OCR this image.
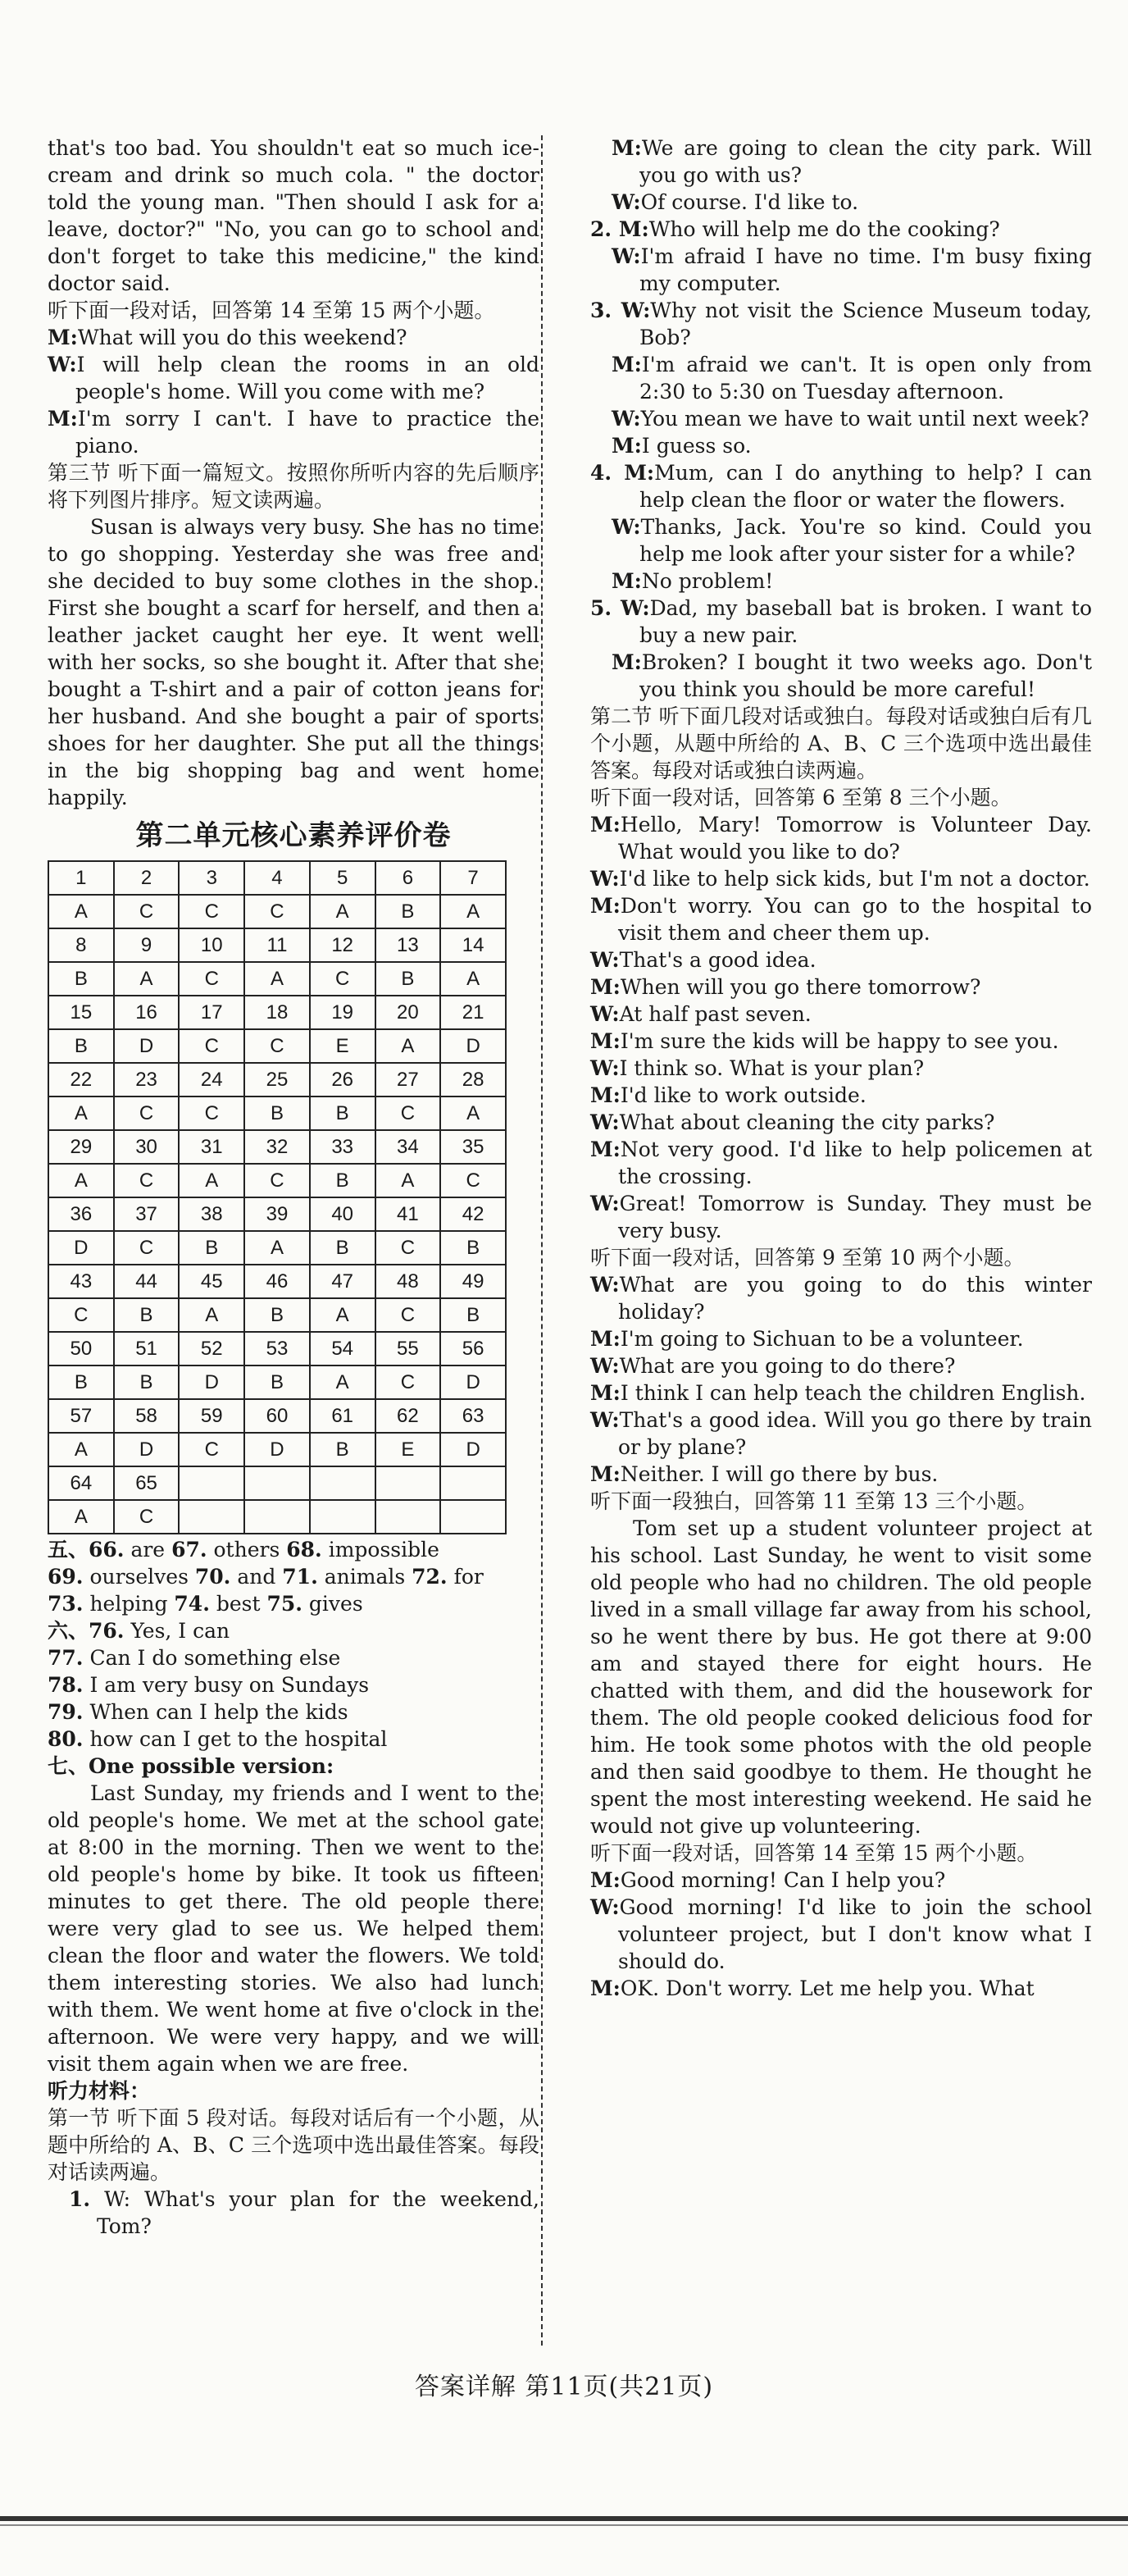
that's too bad. You shouldn't eat so much ice- cream and drink so much cola. " the doctor told the young man. "Then should I ask for a leave, doctor?" "No, you can go to school and don't forget to take this medicine," the kind doctor said.

听下面一段对话，回答第 14 至第 15 两个小题。

M:What will you do this weekend?

W:I will help clean the rooms in an old people's home. Will you come with me?

M:I'm sorry I can't. I have to practice the piano.

第三节 听下面一篇短文。按照你所听内容的先后顺序将下列图片排序。短文读两遍。

Susan is always very busy. She has no time to go shopping. Yesterday she was free and she decided to buy some clothes in the shop. First she bought a scarf for herself, and then a leather jacket caught her eye. It went well with her socks, so she bought it. After that she bought a T-shirt and a pair of cotton jeans for her husband. And she bought a pair of sports shoes for her daughter. She put all the things in the big shopping bag and went home happily.

第二单元核心素养评价卷
1	2	3	4	5	6	7
A	C	C	C	A	B	A
8	9	10	11	12	13	14
B	A	C	A	C	B	A
15	16	17	18	19	20	21
B	D	C	C	E	A	D
22	23	24	25	26	27	28
A	C	C	B	B	C	A
29	30	31	32	33	34	35
A	C	A	C	B	A	C
36	37	38	39	40	41	42
D	C	B	A	B	C	B
43	44	45	46	47	48	49
C	B	A	B	A	C	B
50	51	52	53	54	55	56
B	B	D	B	A	C	D
57	58	59	60	61	62	63
A	D	C	D	B	E	D
64	65					
A	C					

五、66. are 67. others 68. impossible

69. ourselves 70. and 71. animals 72. for

73. helping 74. best 75. gives

六、76. Yes, I can

77. Can I do something else

78. I am very busy on Sundays

79. When can I help the kids

80. how can I get to the hospital

七、One possible version:

Last Sunday, my friends and I went to the old people's home. We met at the school gate at 8:00 in the morning. Then we went to the old people's home by bike. It took us fifteen minutes to get there. The old people there were very glad to see us. We helped them clean the floor and water the flowers. We told them interesting stories. We also had lunch with them. We went home at five o'clock in the afternoon. We were very happy, and we will visit them again when we are free.

听力材料：

第一节 听下面 5 段对话。每段对话后有一个小题，从题中所给的 A、B、C 三个选项中选出最佳答案。每段对话读两遍。

1. W: What's your plan for the weekend, Tom?

M:We are going to clean the city park. Will you go with us?

W:Of course. I'd like to.

2. M:Who will help me do the cooking?

W:I'm afraid I have no time. I'm busy fixing my computer.

3. W:Why not visit the Science Museum today, Bob?

M:I'm afraid we can't. It is open only from 2:30 to 5:30 on Tuesday afternoon.

W:You mean we have to wait until next week?

M:I guess so.

4. M:Mum, can I do anything to help? I can help clean the floor or water the flowers.

W:Thanks, Jack. You're so kind. Could you help me look after your sister for a while?

M:No problem!

5. W:Dad, my baseball bat is broken. I want to buy a new pair.

M:Broken? I bought it two weeks ago. Don't you think you should be more careful!

第二节 听下面几段对话或独白。每段对话或独白后有几个小题，从题中所给的 A、B、C 三个选项中选出最佳答案。每段对话或独白读两遍。

听下面一段对话，回答第 6 至第 8 三个小题。

M:Hello, Mary! Tomorrow is Volunteer Day. What would you like to do?

W:I'd like to help sick kids, but I'm not a doctor.

M:Don't worry. You can go to the hospital to visit them and cheer them up.

W:That's a good idea.

M:When will you go there tomorrow?

W:At half past seven.

M:I'm sure the kids will be happy to see you.

W:I think so. What is your plan?

M:I'd like to work outside.

W:What about cleaning the city parks?

M:Not very good. I'd like to help policemen at the crossing.

W:Great! Tomorrow is Sunday. They must be very busy.

听下面一段对话，回答第 9 至第 10 两个小题。

W:What are you going to do this winter holiday?

M:I'm going to Sichuan to be a volunteer.

W:What are you going to do there?

M:I think I can help teach the children English.

W:That's a good idea. Will you go there by train or by plane?

M:Neither. I will go there by bus.

听下面一段独白，回答第 11 至第 13 三个小题。

Tom set up a student volunteer project at his school. Last Sunday, he went to visit some old people who had no children. The old people lived in a small village far away from his school, so he went there by bus. He got there at 9:00 am and stayed there for eight hours. He chatted with them, and did the housework for them. The old people cooked delicious food for him. He took some photos with the old people and then said goodbye to them. He thought he spent the most interesting weekend. He said he would not give up volunteering.

听下面一段对话，回答第 14 至第 15 两个小题。

M:Good morning! Can I help you?

W:Good morning! I'd like to join the school volunteer project, but I don't know what I should do.

M:OK. Don't worry. Let me help you. What

答案详解 第11页(共21页)
